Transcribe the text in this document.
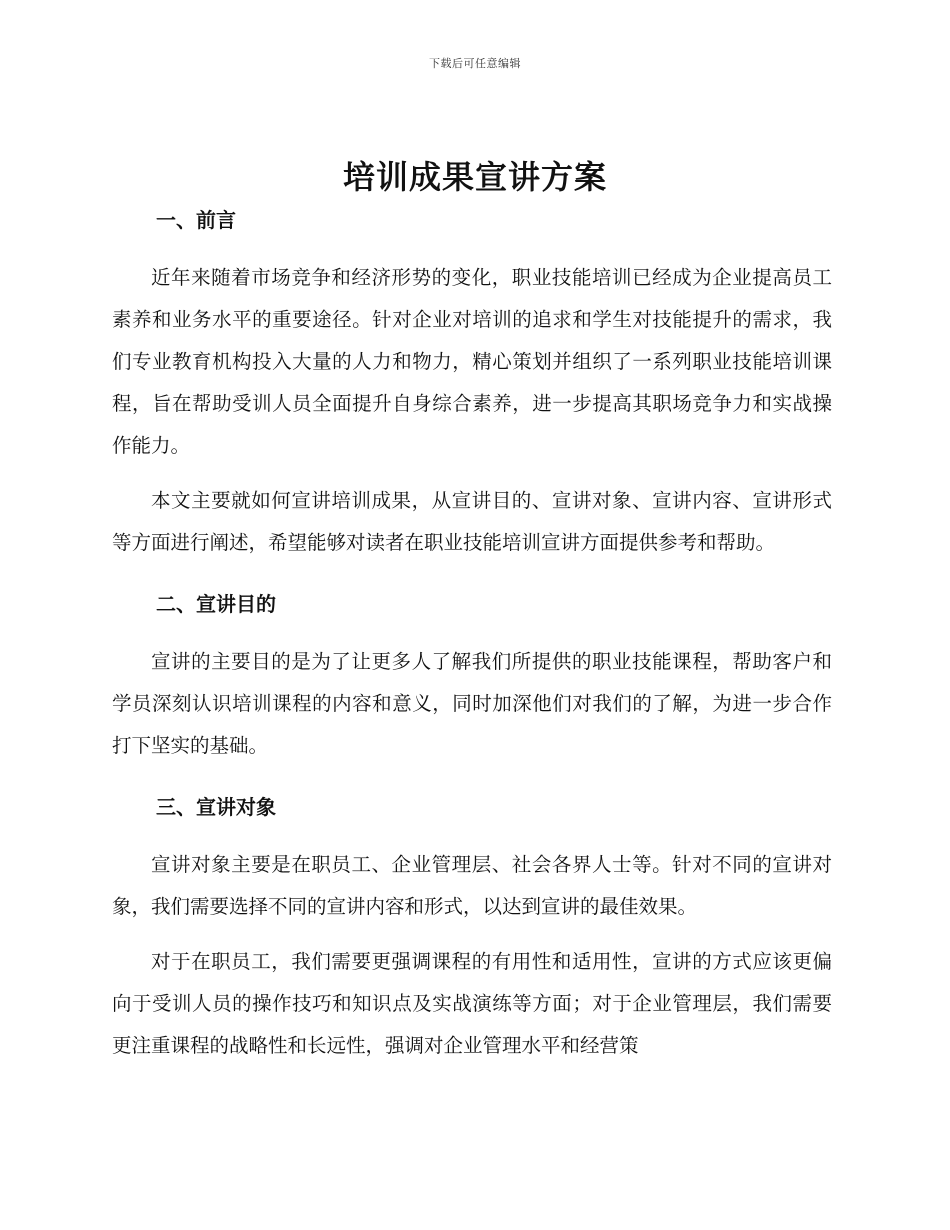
下载后可任意编辑
培训成果宣讲方案
一、前言

近年来随着市场竞争和经济形势的变化，职业技能培训已经成为企业提高员工素养和业务水平的重要途径。针对企业对培训的追求和学生对技能提升的需求，我们专业教育机构投入大量的人力和物力，精心策划并组织了一系列职业技能培训课程，旨在帮助受训人员全面提升自身综合素养，进一步提高其职场竞争力和实战操作能力。

本文主要就如何宣讲培训成果，从宣讲目的、宣讲对象、宣讲内容、宣讲形式等方面进行阐述，希望能够对读者在职业技能培训宣讲方面提供参考和帮助。

二、宣讲目的

宣讲的主要目的是为了让更多人了解我们所提供的职业技能课程，帮助客户和学员深刻认识培训课程的内容和意义，同时加深他们对我们的了解，为进一步合作打下坚实的基础。

三、宣讲对象

宣讲对象主要是在职员工、企业管理层、社会各界人士等。针对不同的宣讲对象，我们需要选择不同的宣讲内容和形式，以达到宣讲的最佳效果。

对于在职员工，我们需要更强调课程的有用性和适用性，宣讲的方式应该更偏向于受训人员的操作技巧和知识点及实战演练等方面；对于企业管理层，我们需要更注重课程的战略性和长远性，强调对企业管理水平和经营策
